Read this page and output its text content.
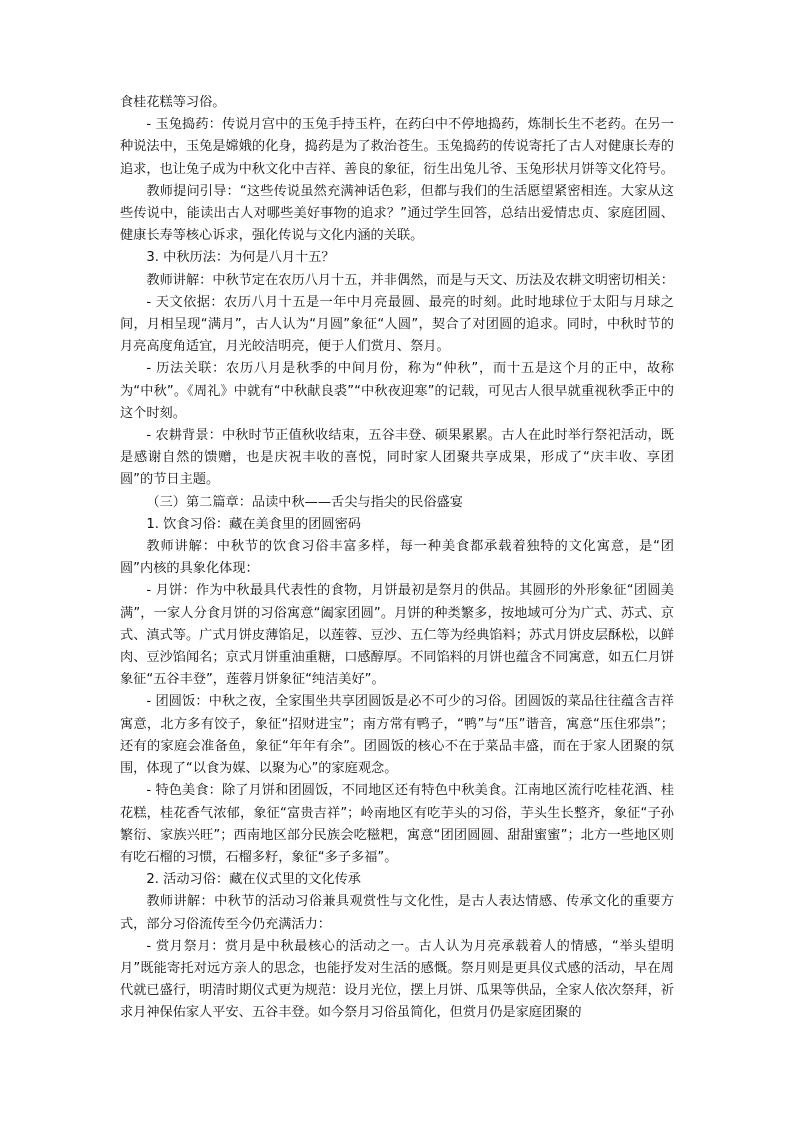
食桂花糕等习俗。

- 玉兔捣药：传说月宫中的玉兔手持玉杵，在药臼中不停地捣药，炼制长生不老药。在另一种说法中，玉兔是嫦娥的化身，捣药是为了救治苍生。玉兔捣药的传说寄托了古人对健康长寿的追求，也让兔子成为中秋文化中吉祥、善良的象征，衍生出兔儿爷、玉兔形状月饼等文化符号。

教师提问引导：“这些传说虽然充满神话色彩，但都与我们的生活愿望紧密相连。大家从这些传说中，能读出古人对哪些美好事物的追求？”通过学生回答，总结出爱情忠贞、家庭团圆、健康长寿等核心诉求，强化传说与文化内涵的关联。

3. 中秋历法：为何是八月十五？

教师讲解：中秋节定在农历八月十五，并非偶然，而是与天文、历法及农耕文明密切相关：

- 天文依据：农历八月十五是一年中月亮最圆、最亮的时刻。此时地球位于太阳与月球之间，月相呈现“满月”，古人认为“月圆”象征“人圆”，契合了对团圆的追求。同时，中秋时节的月亮高度角适宜，月光皎洁明亮，便于人们赏月、祭月。

- 历法关联：农历八月是秋季的中间月份，称为“仲秋”，而十五是这个月的正中，故称为“中秋”。《周礼》中就有“中秋献良裘”“中秋夜迎寒”的记载，可见古人很早就重视秋季正中的这个时刻。

- 农耕背景：中秋时节正值秋收结束，五谷丰登、硕果累累。古人在此时举行祭祀活动，既是感谢自然的馈赠，也是庆祝丰收的喜悦，同时家人团聚共享成果，形成了“庆丰收、享团圆”的节日主题。

（三）第二篇章：品读中秋——舌尖与指尖的民俗盛宴

1. 饮食习俗：藏在美食里的团圆密码

教师讲解：中秋节的饮食习俗丰富多样，每一种美食都承载着独特的文化寓意，是“团圆”内核的具象化体现：

- 月饼：作为中秋最具代表性的食物，月饼最初是祭月的供品。其圆形的外形象征“团圆美满”，一家人分食月饼的习俗寓意“阖家团圆”。月饼的种类繁多，按地域可分为广式、苏式、京式、滇式等。广式月饼皮薄馅足，以莲蓉、豆沙、五仁等为经典馅料；苏式月饼皮层酥松，以鲜肉、豆沙馅闻名；京式月饼重油重糖，口感醇厚。不同馅料的月饼也蕴含不同寓意，如五仁月饼象征“五谷丰登”，莲蓉月饼象征“纯洁美好”。

- 团圆饭：中秋之夜，全家围坐共享团圆饭是必不可少的习俗。团圆饭的菜品往往蕴含吉祥寓意，北方多有饺子，象征“招财进宝”；南方常有鸭子，“鸭”与“压”谐音，寓意“压住邪祟”；还有的家庭会准备鱼，象征“年年有余”。团圆饭的核心不在于菜品丰盛，而在于家人团聚的氛围，体现了“以食为媒、以聚为心”的家庭观念。

- 特色美食：除了月饼和团圆饭，不同地区还有特色中秋美食。江南地区流行吃桂花酒、桂花糕，桂花香气浓郁，象征“富贵吉祥”；岭南地区有吃芋头的习俗，芋头生长整齐，象征“子孙繁衍、家族兴旺”；西南地区部分民族会吃糍粑，寓意“团团圆圆、甜甜蜜蜜”；北方一些地区则有吃石榴的习惯，石榴多籽，象征“多子多福”。

2. 活动习俗：藏在仪式里的文化传承

教师讲解：中秋节的活动习俗兼具观赏性与文化性，是古人表达情感、传承文化的重要方式，部分习俗流传至今仍充满活力：

- 赏月祭月：赏月是中秋最核心的活动之一。古人认为月亮承载着人的情感，“举头望明月”既能寄托对远方亲人的思念，也能抒发对生活的感慨。祭月则是更具仪式感的活动，早在周代就已盛行，明清时期仪式更为规范：设月光位，摆上月饼、瓜果等供品，全家人依次祭拜，祈求月神保佑家人平安、五谷丰登。如今祭月习俗虽简化，但赏月仍是家庭团聚的
